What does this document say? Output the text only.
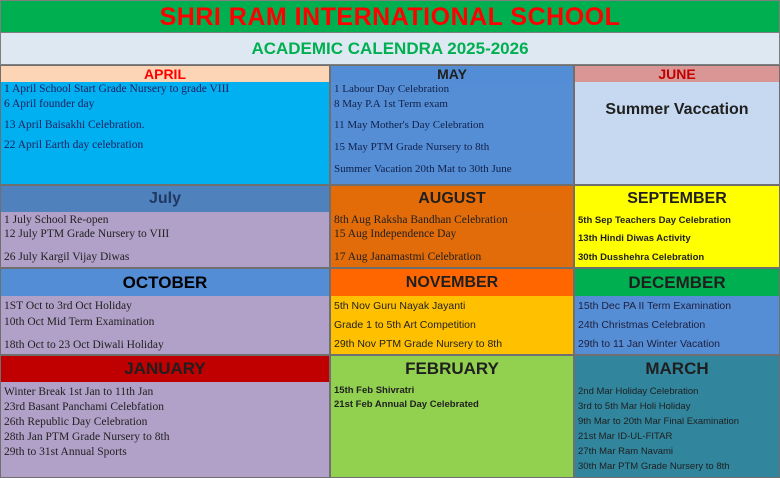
SHRI RAM INTERNATIONAL SCHOOL
ACADEMIC CALENDRA 2025-2026
APRIL
1 April School Start Grade Nursery to grade VIII
6 April founder day
13 April Baisakhi Celebration.
22 April Earth day celebration
MAY
1 Labour Day Celebration
8 May P.A 1st Term exam
11 May Mother's Day Celebration
15 May PTM Grade Nursery to 8th
Summer Vacation 20th Mat to 30th June
JUNE
Summer Vaccation
July
1 July School Re-open
12 July PTM Grade Nursery to VIII
26 July Kargil Vijay Diwas
AUGUST
8th Aug Raksha Bandhan Celebration
15 Aug Independence Day
17 Aug Janamastmi Celebration
SEPTEMBER
5th Sep Teachers Day Celebration
13th Hindi Diwas Activity
30th Dusshehra Celebration
OCTOBER
1ST Oct to 3rd Oct Holiday
10th Oct Mid Term Examination
18th Oct to 23 Oct Diwali Holiday
NOVEMBER
5th Nov Guru Nayak Jayanti
Grade 1 to 5th Art Competition
29th Nov PTM Grade Nursery to 8th
DECEMBER
15th Dec PA II Term Examination
24th Christmas Celebration
29th to 11 Jan Winter Vacation
JANUARY
Winter Break 1st Jan to 11th Jan
23rd Basant Panchami Celebfation
26th Republic Day Celebration
28th Jan PTM Grade Nursery to 8th
29th to 31st Annual Sports
FEBRUARY
15th Feb Shivratri
21st Feb Annual Day Celebrated
MARCH
2nd Mar Holiday Celebration
3rd to 5th Mar Holi Holiday
9th Mar to 20th Mar Final Examination
21st Mar ID-UL-FITAR
27th Mar Ram Navami
30th Mar PTM Grade Nursery to 8th
